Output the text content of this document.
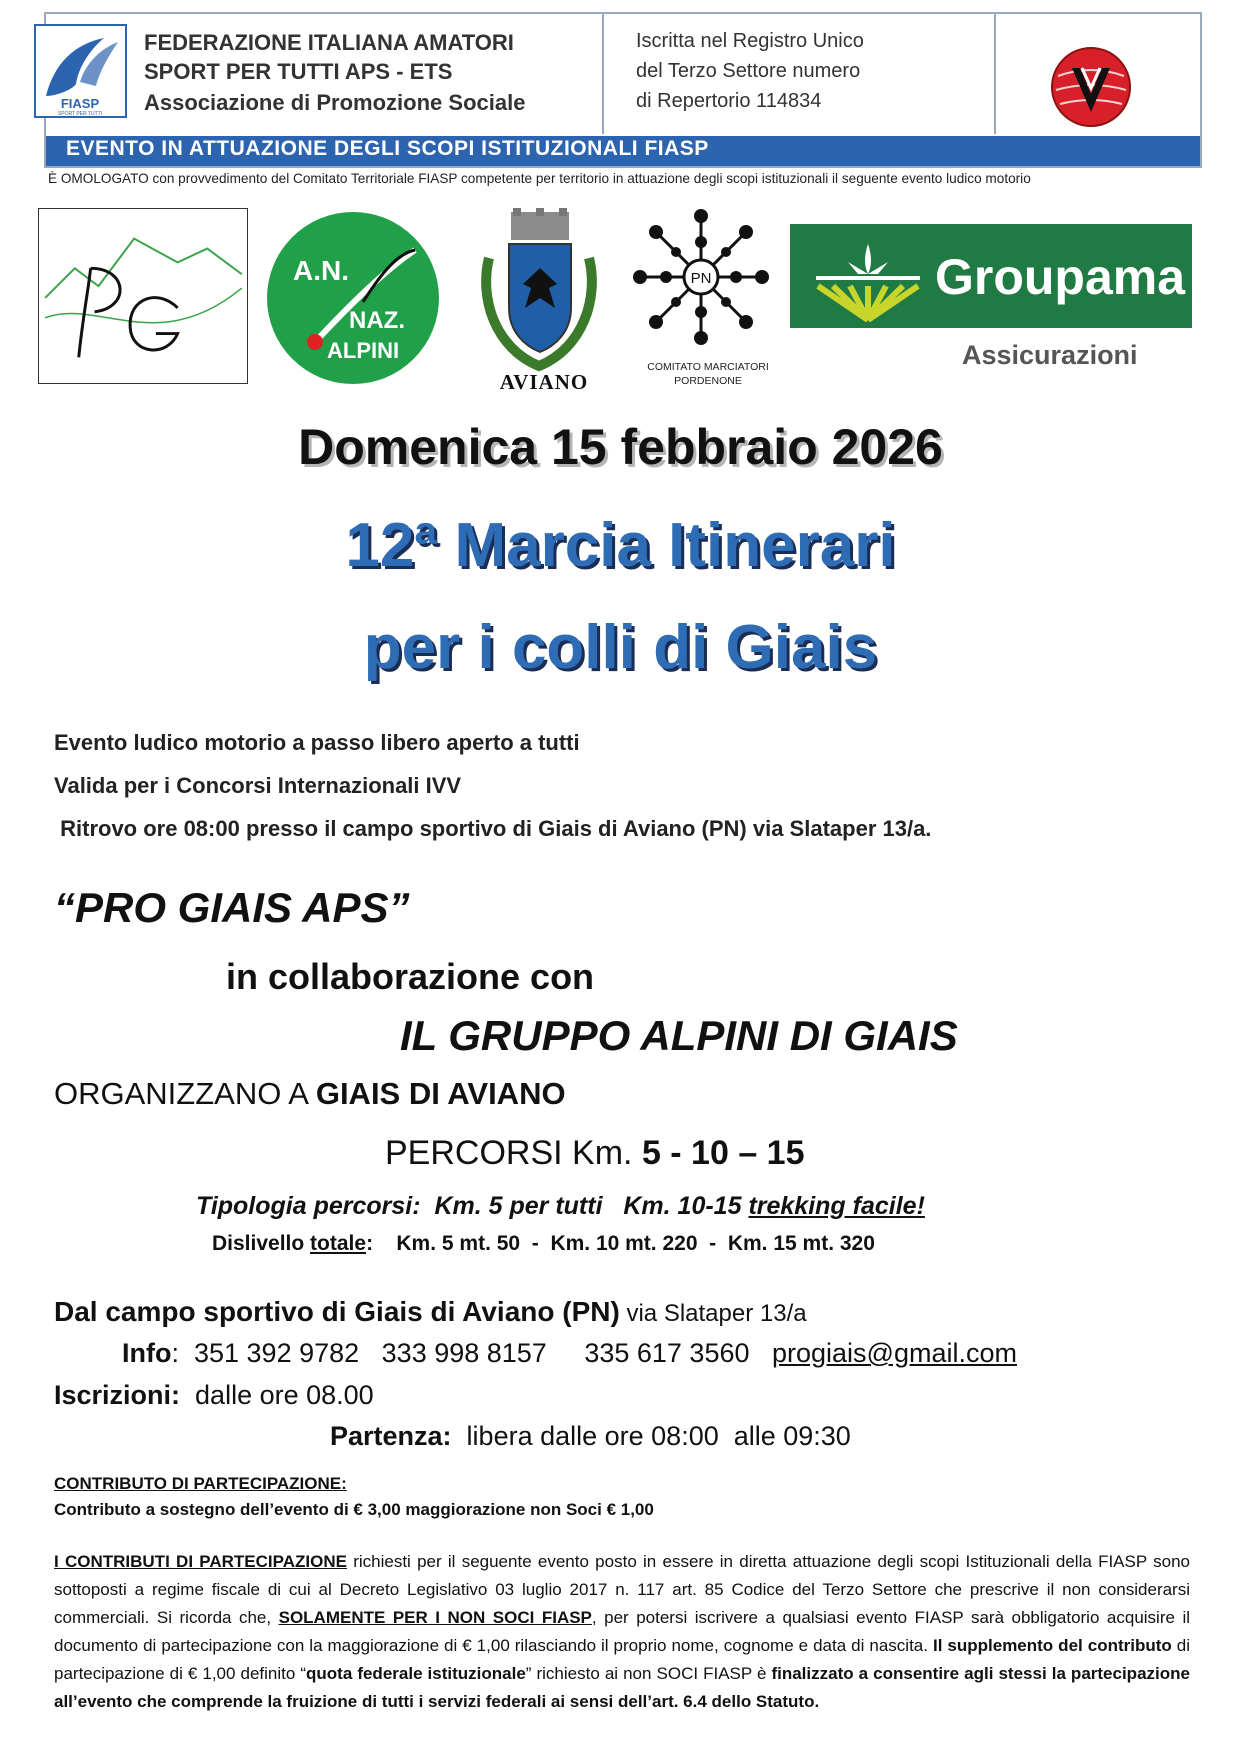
FIASP
SPORT PER TUTTI
FEDERAZIONE ITALIANA AMATORI
SPORT PER TUTTI APS - ETS
Associazione di Promozione Sociale
Iscritta nel Registro Unico
del Terzo Settore numero
di Repertorio 114834
EVENTO IN ATTUAZIONE DEGLI SCOPI ISTITUZIONALI FIASP
È OMOLOGATO con provvedimento del Comitato Territoriale FIASP competente per territorio in attuazione degli scopi istituzionali il seguente evento ludico motorio
A.N.
NAZ.
ALPINI
AVIANO
PN
COMITATO MARCIATORI
PORDENONE
Groupama
Assicurazioni
Domenica 15 febbraio 2026
12ª Marcia Itinerari
per i colli di Giais
Evento ludico motorio a passo libero aperto a tutti
Valida per i Concorsi Internazionali IVV
Ritrovo ore 08:00 presso il campo sportivo di Giais di Aviano (PN) via Slataper 13/a.
“PRO GIAIS APS”
in collaborazione con
IL GRUPPO ALPINI DI GIAIS
ORGANIZZANO A GIAIS DI AVIANO
PERCORSI Km. 5 - 10 – 15
Tipologia percorsi:  Km. 5 per tutti   Km. 10-15 trekking facile!
Dislivello totale:    Km. 5 mt. 50  -  Km. 10 mt. 220  -  Km. 15 mt. 320
Dal campo sportivo di Giais di Aviano (PN) via Slataper 13/a
Info:  351 392 9782   333 998 8157     335 617 3560   progiais@gmail.com
Iscrizioni:  dalle ore 08.00
Partenza:  libera dalle ore 08:00  alle 09:30
CONTRIBUTO DI PARTECIPAZIONE:
Contributo a sostegno dell’evento di € 3,00 maggiorazione non Soci € 1,00
I CONTRIBUTI DI PARTECIPAZIONE richiesti per il seguente evento posto in essere in diretta attuazione degli scopi Istituzionali della FIASP sono sottoposti a regime fiscale di cui al Decreto Legislativo 03 luglio 2017 n. 117 art. 85 Codice del Terzo Settore che prescrive il non considerarsi commerciali. Si ricorda che, SOLAMENTE PER I NON SOCI FIASP, per potersi iscrivere a qualsiasi evento FIASP sarà obbligatorio acquisire il documento di partecipazione con la maggiorazione di € 1,00 rilasciando il proprio nome, cognome e data di nascita. Il supplemento del contributo di partecipazione di € 1,00 definito “quota federale istituzionale” richiesto ai non SOCI FIASP è finalizzato a consentire agli stessi la partecipazione all’evento che comprende la fruizione di tutti i servizi federali ai sensi dell’art. 6.4 dello Statuto.
